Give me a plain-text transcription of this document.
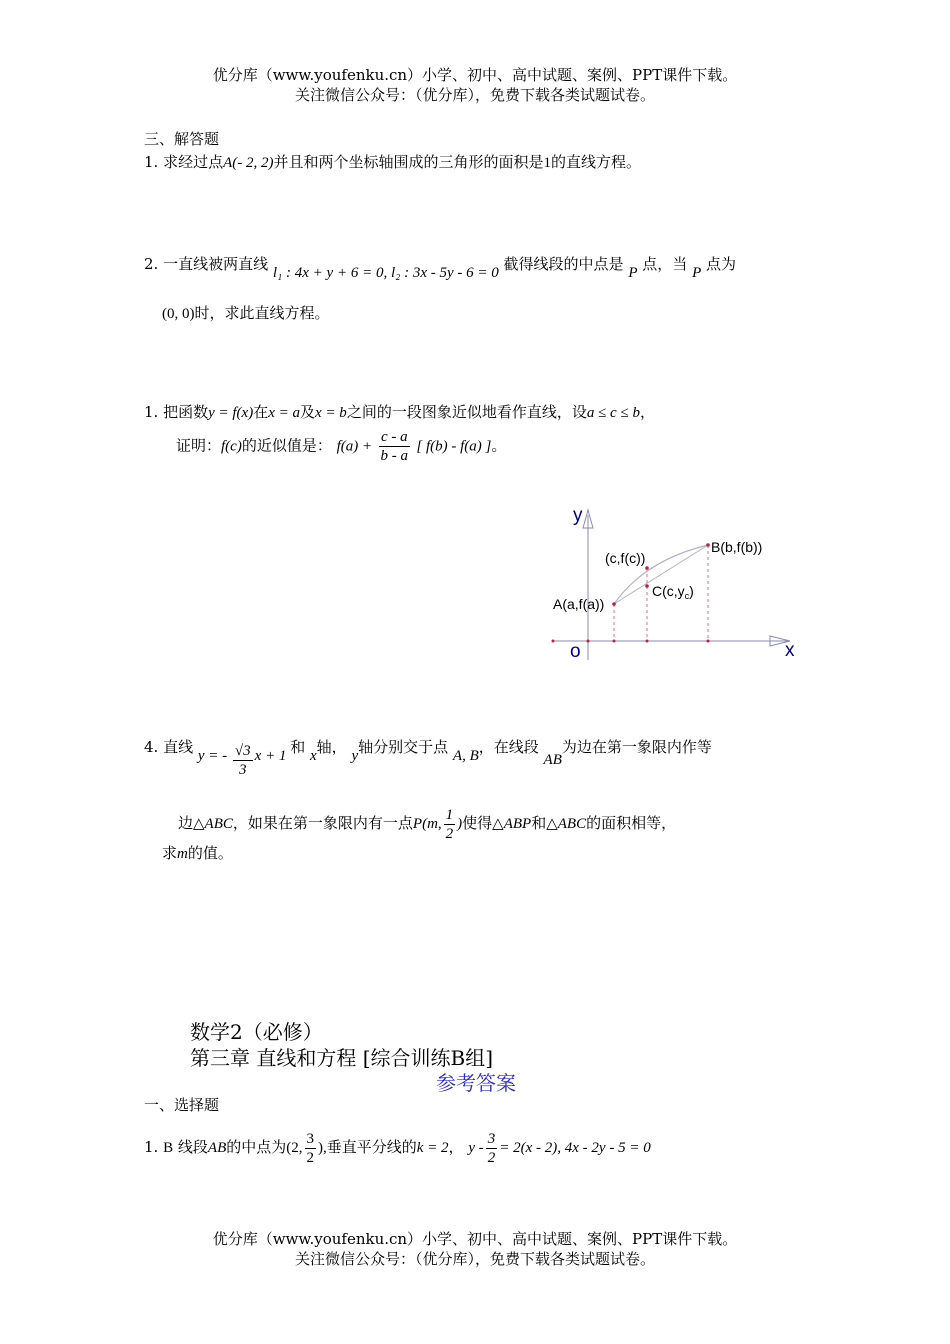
优分库（www.youfenku.cn）小学、初中、高中试题、案例、PPT课件下载。
关注微信公众号：（优分库），免费下载各类试题试卷。
三、解答题
1. 求经过点A(- 2, 2)并且和两个坐标轴围成的三角形的面积是1的直线方程。
2. 一直线被两直线 l₁ : 4x + y + 6 = 0, l₂ : 3x - 5y - 6 = 0 截得线段的中点是 P 点，当 P 点为
(0, 0)时，求此直线方程。
1. 把函数y = f(x)在x = a及x = b之间的一段图象近似地看作直线，设a ≤ c ≤ b，
证明：f(c)的近似值是： $f(a) + \frac{c - a}{b - a}$ [ f(b) - f(a) ]。
y
x
o
A(a,f(a))
B(b,f(b))
(c,f(c))
$C(c,y_c)$
4. 直线 y = - $\frac{√3}{3}$ x + 1 和 x轴， y轴分别交于点 A, B，在线段 AB为边在第一象限内作等
边△ABC，如果在第一象限内有一点P(m, $\frac{1}{2}$ )使得△ABP和△ABC的面积相等，
求m的值。
数学2（必修）
第三章 直线和方程 [综合训练B组]
参考答案
一、选择题
1. B 线段AB的中点为(2, $\frac{3}{2}$ ),垂直平分线的k = 2， $y - \frac{3}{2} = 2(x - 2)$, 4x - 2y - 5 = 0
优分库（www.youfenku.cn）小学、初中、高中试题、案例、PPT课件下载。
关注微信公众号：（优分库），免费下载各类试题试卷。
